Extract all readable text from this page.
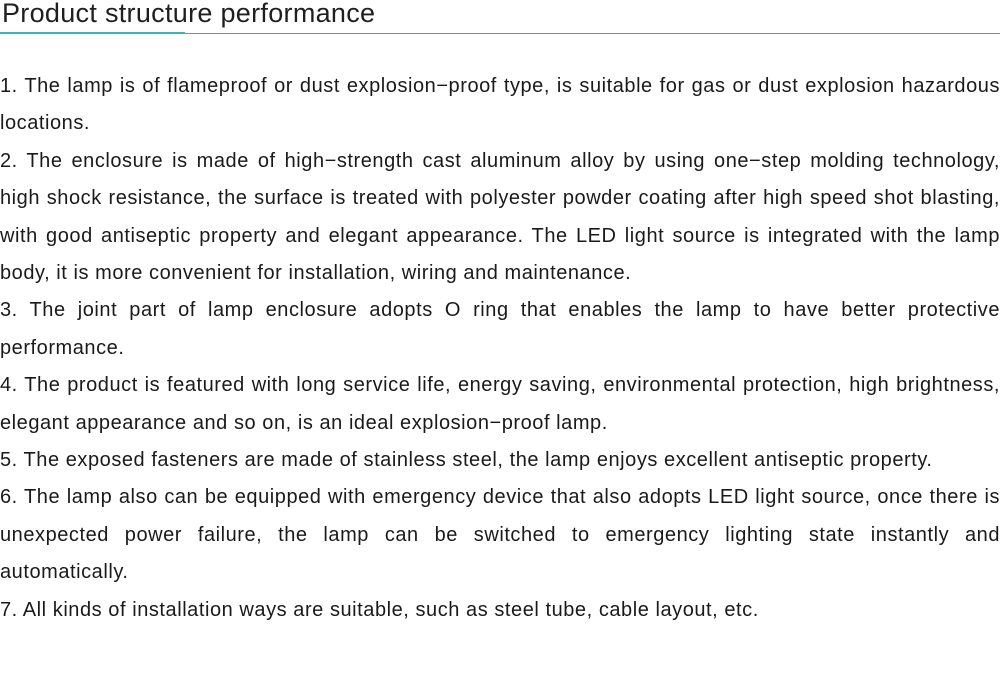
Product structure performance

1. The lamp is of flameproof or dust explosion−proof type, is suitable for gas or dust explosion hazardous locations.

2. The enclosure is made of high−strength cast aluminum alloy by using one−step molding technology, high shock resistance, the surface is treated with polyester powder coating after high speed shot blasting, with good antiseptic property and elegant appearance. The LED light source is integrated with the lamp body, it is more convenient for installation, wiring and maintenance.

3. The joint part of lamp enclosure adopts O ring that enables the lamp to have better protective performance.

4. The product is featured with long service life, energy saving, environmental protection, high brightness, elegant appearance and so on, is an ideal explosion−proof lamp.

5. The exposed fasteners are made of stainless steel, the lamp enjoys excellent antiseptic property.

6. The lamp also can be equipped with emergency device that also adopts LED light source, once there is unexpected power failure, the lamp can be switched to emergency lighting state instantly and automatically.

7. All kinds of installation ways are suitable, such as steel tube, cable layout, etc.
